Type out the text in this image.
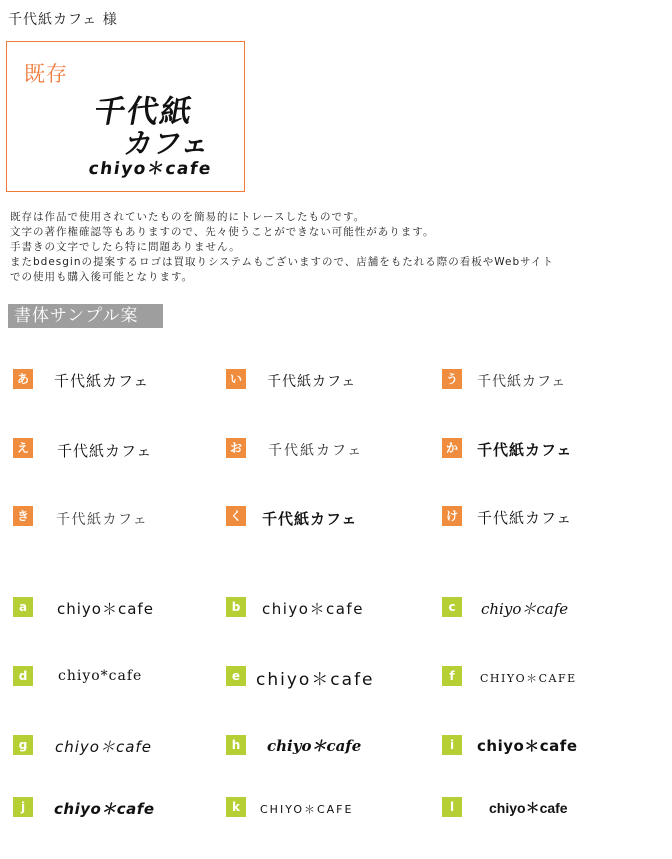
千代紙カフェ 様
既存
千代紙
カフェ
chiyo＊cafe
既存は作品で使用されていたものを簡易的にトレースしたものです。
文字の著作権確認等もありますので、先々使うことができない可能性があります。
手書きの文字でしたら特に問題ありません。
またbdesginの提案するロゴは買取りシステムもございますので、店舗をもたれる際の看板やWebサイト
での使用も購入後可能となります。
書体サンプル案
あ 千代紙カフェ	い 千代紙カフェ	う 千代紙カフェ
え 千代紙カフェ	お 千代紙カフェ	か 千代紙カフェ
き 千代紙カフェ	く 千代紙カフェ	け 千代紙カフェ
a	chiyo＊cafe	b	chiyo＊cafe	c	chiyo＊cafe
d	chiyo*cafe	e chiyo＊cafe	f	CHIYO＊CAFE
g	chiyo＊cafe	h	chiyo＊cafe	i	chiyo＊cafe
j	chiyo＊cafe	k	CHIYO＊CAFE	l	chiyo＊cafe
